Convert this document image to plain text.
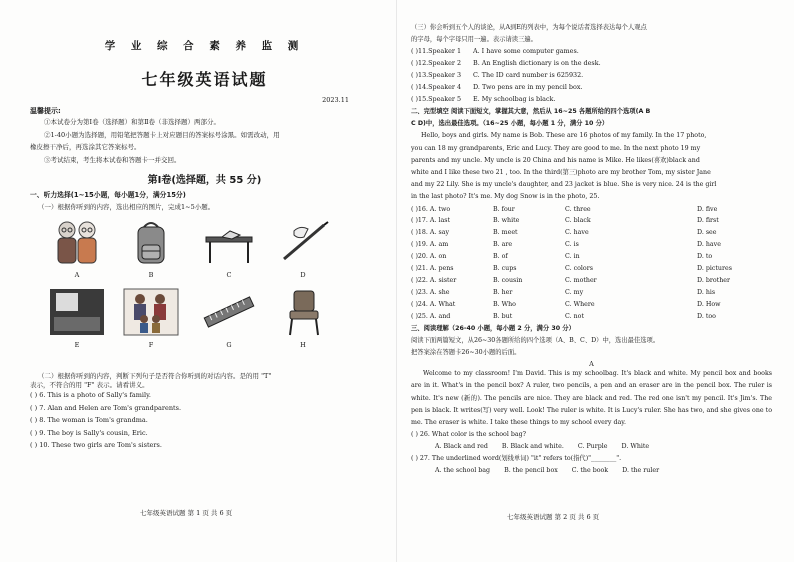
学 业 综 合 素 养 监 测
七年级英语试题
2023.11
温馨提示:
①本试卷分为第Ⅰ卷（选择题）和第Ⅱ卷（非选择题）两部分。
②1-40小题为选择题，用铅笔把答题卡上对应题目的答案标号涂黑。如需改动，用
橡皮擦干净后，再选涂其它答案标号。
③考试结束，考生将本试卷和答题卡一并交回。
第Ⅰ卷(选择题，共 55 分)
一、听力选择(1~15小题，每小题1分，满分15分)
（一）根据你听到的内容，选出相应的图片，完成1~5小题。
A	B	C	D
E	F	G	H
（二）根据你听到的内容，判断下列句子是否符合你听到的对话内容。是的用 "T"
表示，不符合的用 "F" 表示。请看讲义。
( ) 6. This is a photo of Sally's family.
( ) 7. Alan and Helen are Tom's grandparents.
( ) 8. The woman is Tom's grandma.
( ) 9. The boy is Sally's cousin, Eric.
( ) 10. These two girls are Tom's sisters.
七年级英语试题 第 1 页 共 6 页
（三）你会听到五个人的谈论，从A到E的列表中，为每个说话者选择表达每个人观点
的字母，每个字母只用一遍。表示请读三遍。
( )11.Speaker 1	A. I have some computer games.
( )12.Speaker 2	B. An English dictionary is on the desk.
( )13.Speaker 3	C. The ID card number is 625932.
( )14.Speaker 4	D. Two pens are in my pencil box.
( )15.Speaker 5	E. My schoolbag is black.
二、完型填空 阅读下面短文，掌握其大意，然后从 16~25 各题所给的四个选项(A B
C D)中，选出最佳选项。（16~25 小题，每小题 1 分，满分 10 分）
Hello, boys and girls. My name is Bob. These are 16 photos of my family. In the 17 photo,
you can 18 my grandparents, Eric and Lucy. They are good to me. In the next photo 19 my
parents and my uncle. My uncle is 20 China and his name is Mike. He likes(喜欢)black and
white and I like these two 21 , too. In the third(第三)photo are my brother Tom, my sister Jane
and my 22 Lily. She is my uncle's daughter, and 23 jacket is blue. She is very nice. 24 is the girl
in the last photo? It's me. My dog Snow is in the photo, 25.
( )16. A. two	B. four	C. three	D. five
( )17. A. last	B. white	C. black	D. first
( )18. A. say	B. meet	C. have	D. see
( )19. A. am	B. are	C. is	D. have
( )20. A. on	B. of	C. in	D. to
( )21. A. pens	B. cups	C. colors	D. pictures
( )22. A. sister	B. cousin	C. mother	D. brother
( )23. A. she	B. her	C. my	D. his
( )24. A. What	B. Who	C. Where	D. How
( )25. A. and	B. but	C. not	D. too
三、阅读理解（26-40 小题，每小题 2 分，满分 30 分）
阅读下面两篇短文，从26~30各题所给的四个选项（A、B、C、D）中，选出最佳选项。
把答案涂在答题卡26~30小题的后面。
A
Welcome to my classroom! I'm David. This is my schoolbag. It's black and white. My pencil box and books are in it. What's in the pencil box? A ruler, two pencils, a pen and an eraser are in the pencil box. The ruler is white. It's new (新的). The pencils are nice. They are black and red. The red one isn't my pencil. It's Jim's. The pen is black. It writes(写) very well. Look! The ruler is white. It is Lucy's ruler. She has two, and she gives one to me. The eraser is white. I take these things to my school every day.
( ) 26. What color is the school bag?
A. Black and red B. Black and white. C. Purple D. White
( ) 27. The underlined word(划线单词) "it" refers to(指代)"________".
A. the school bag B. the pencil box C. the book D. the ruler
七年级英语试题 第 2 页 共 6 页
